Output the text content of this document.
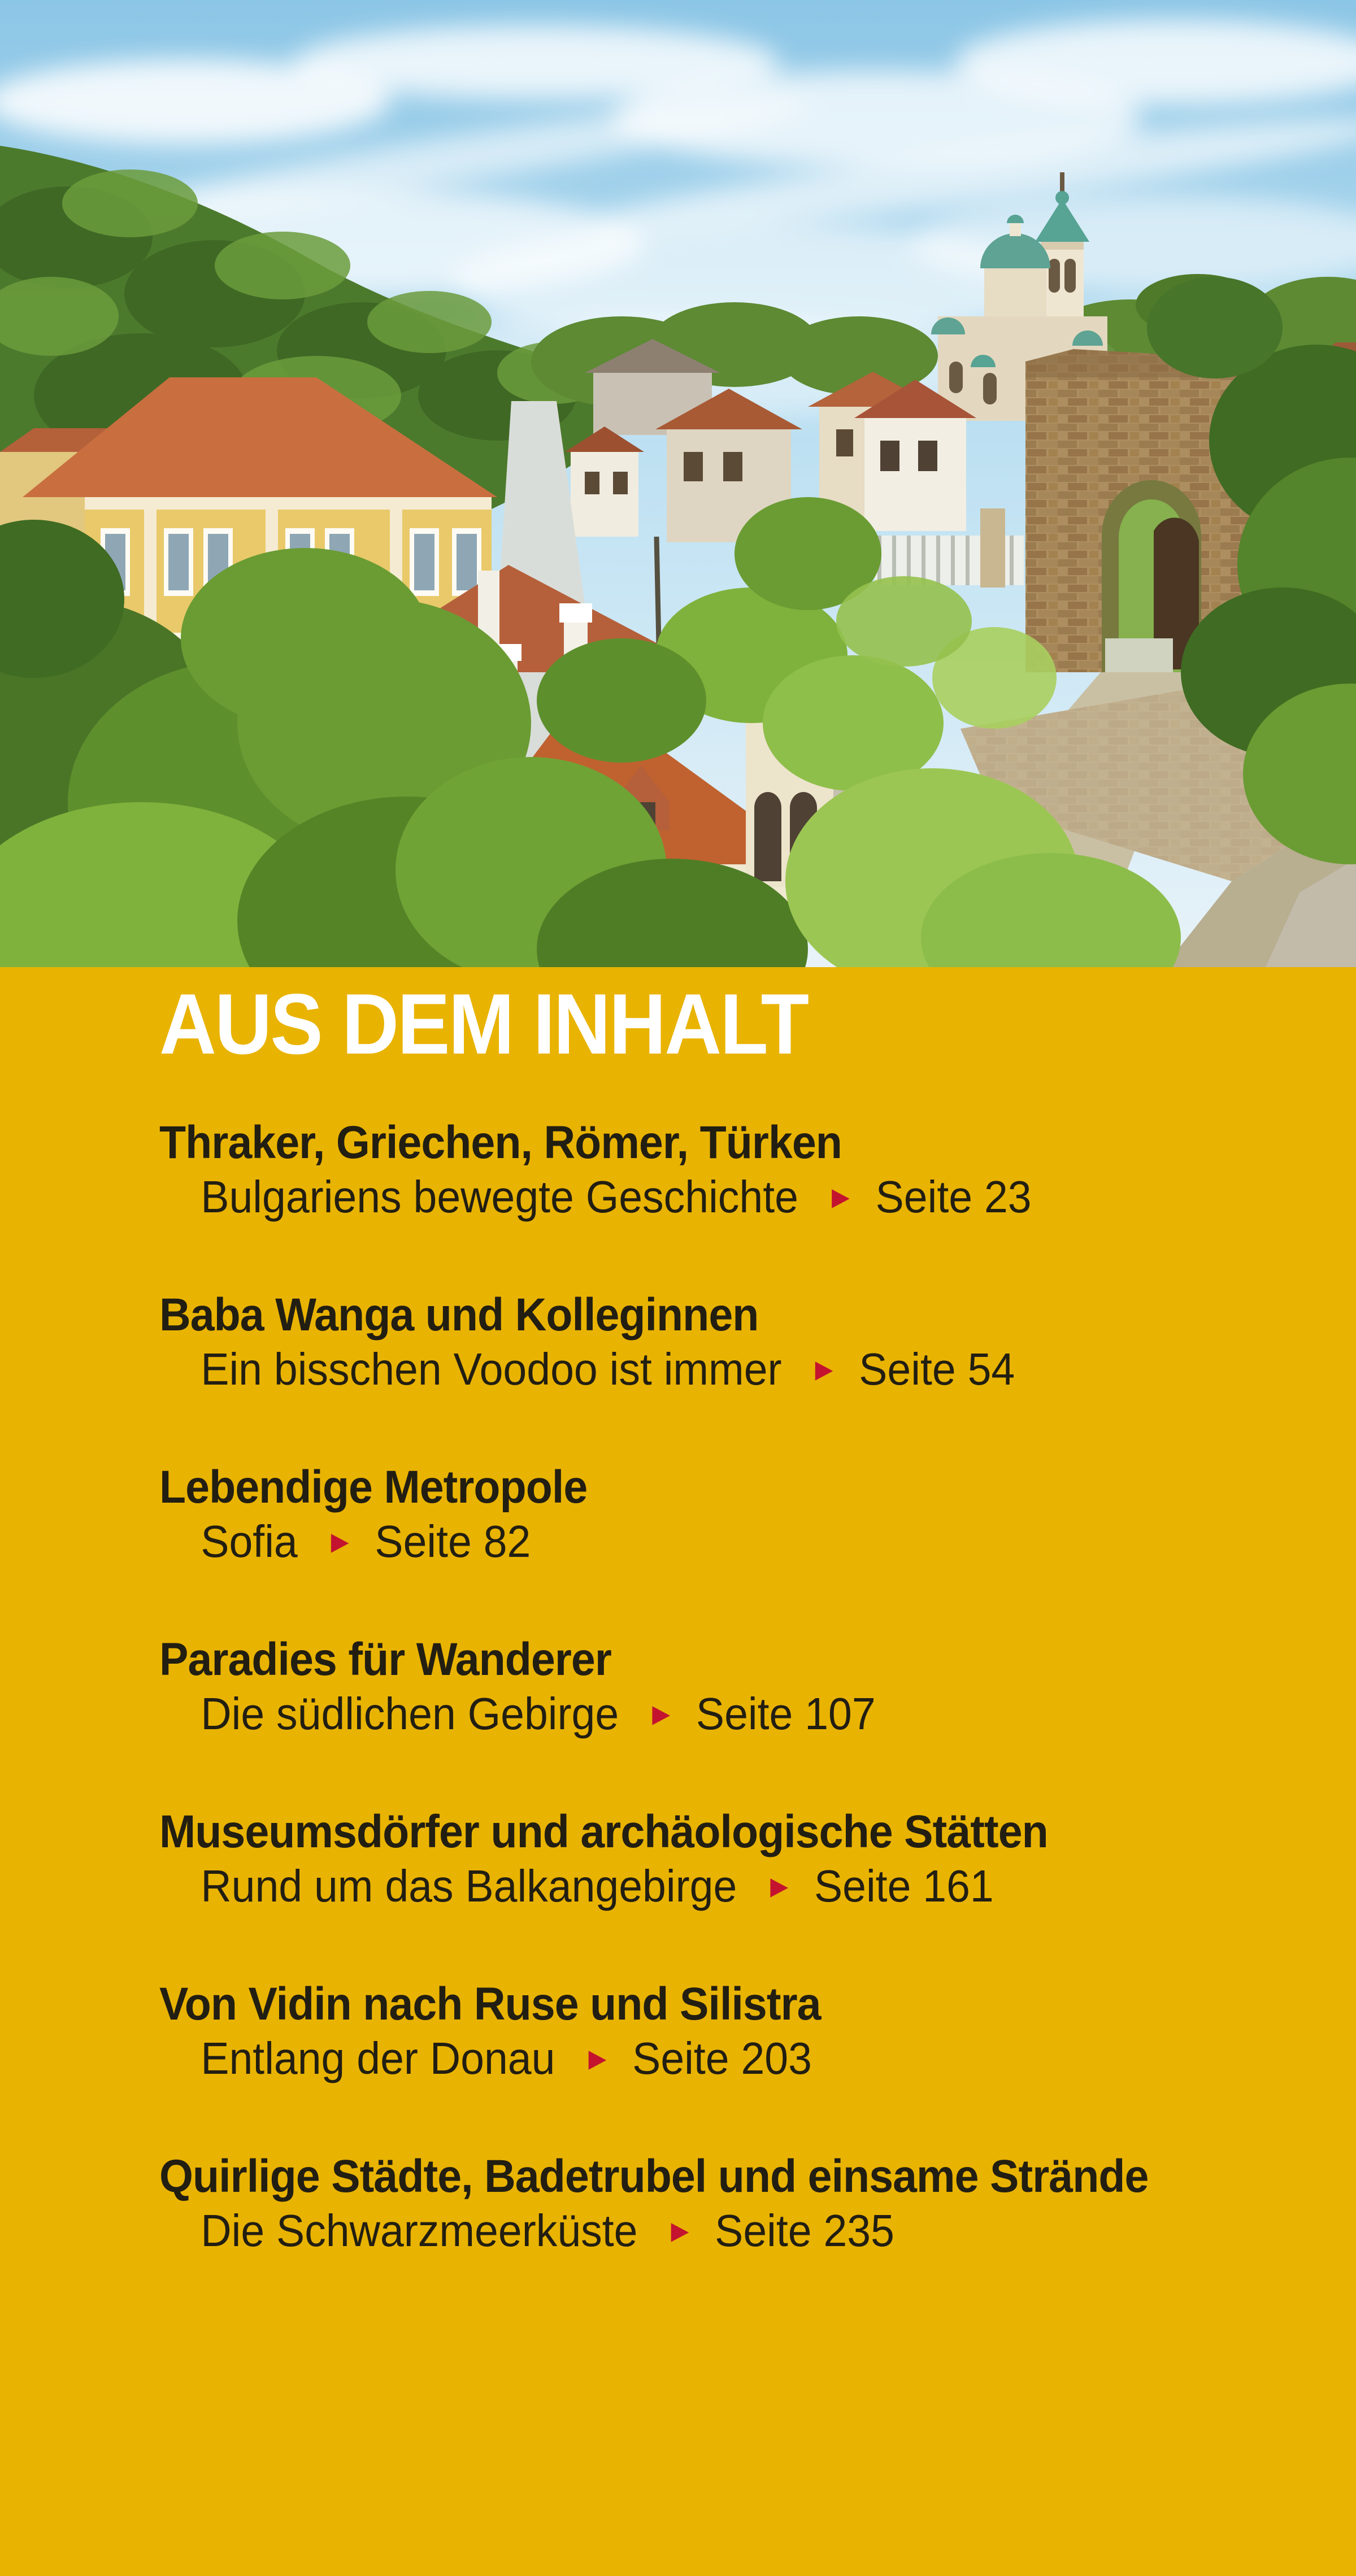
AUS DEM INHALT
Thraker, Griechen, Römer, Türken
Bulgariens bewegte Geschichte ► Seite 23
Baba Wanga und Kolleginnen
Ein bisschen Voodoo ist immer ► Seite 54
Lebendige Metropole
Sofia ► Seite 82
Paradies für Wanderer
Die südlichen Gebirge ► Seite 107
Museumsdörfer und archäologische Stätten
Rund um das Balkangebirge ► Seite 161
Von Vidin nach Ruse und Silistra
Entlang der Donau ► Seite 203
Quirlige Städte, Badetrubel und einsame Strände
Die Schwarzmeerküste ► Seite 235
